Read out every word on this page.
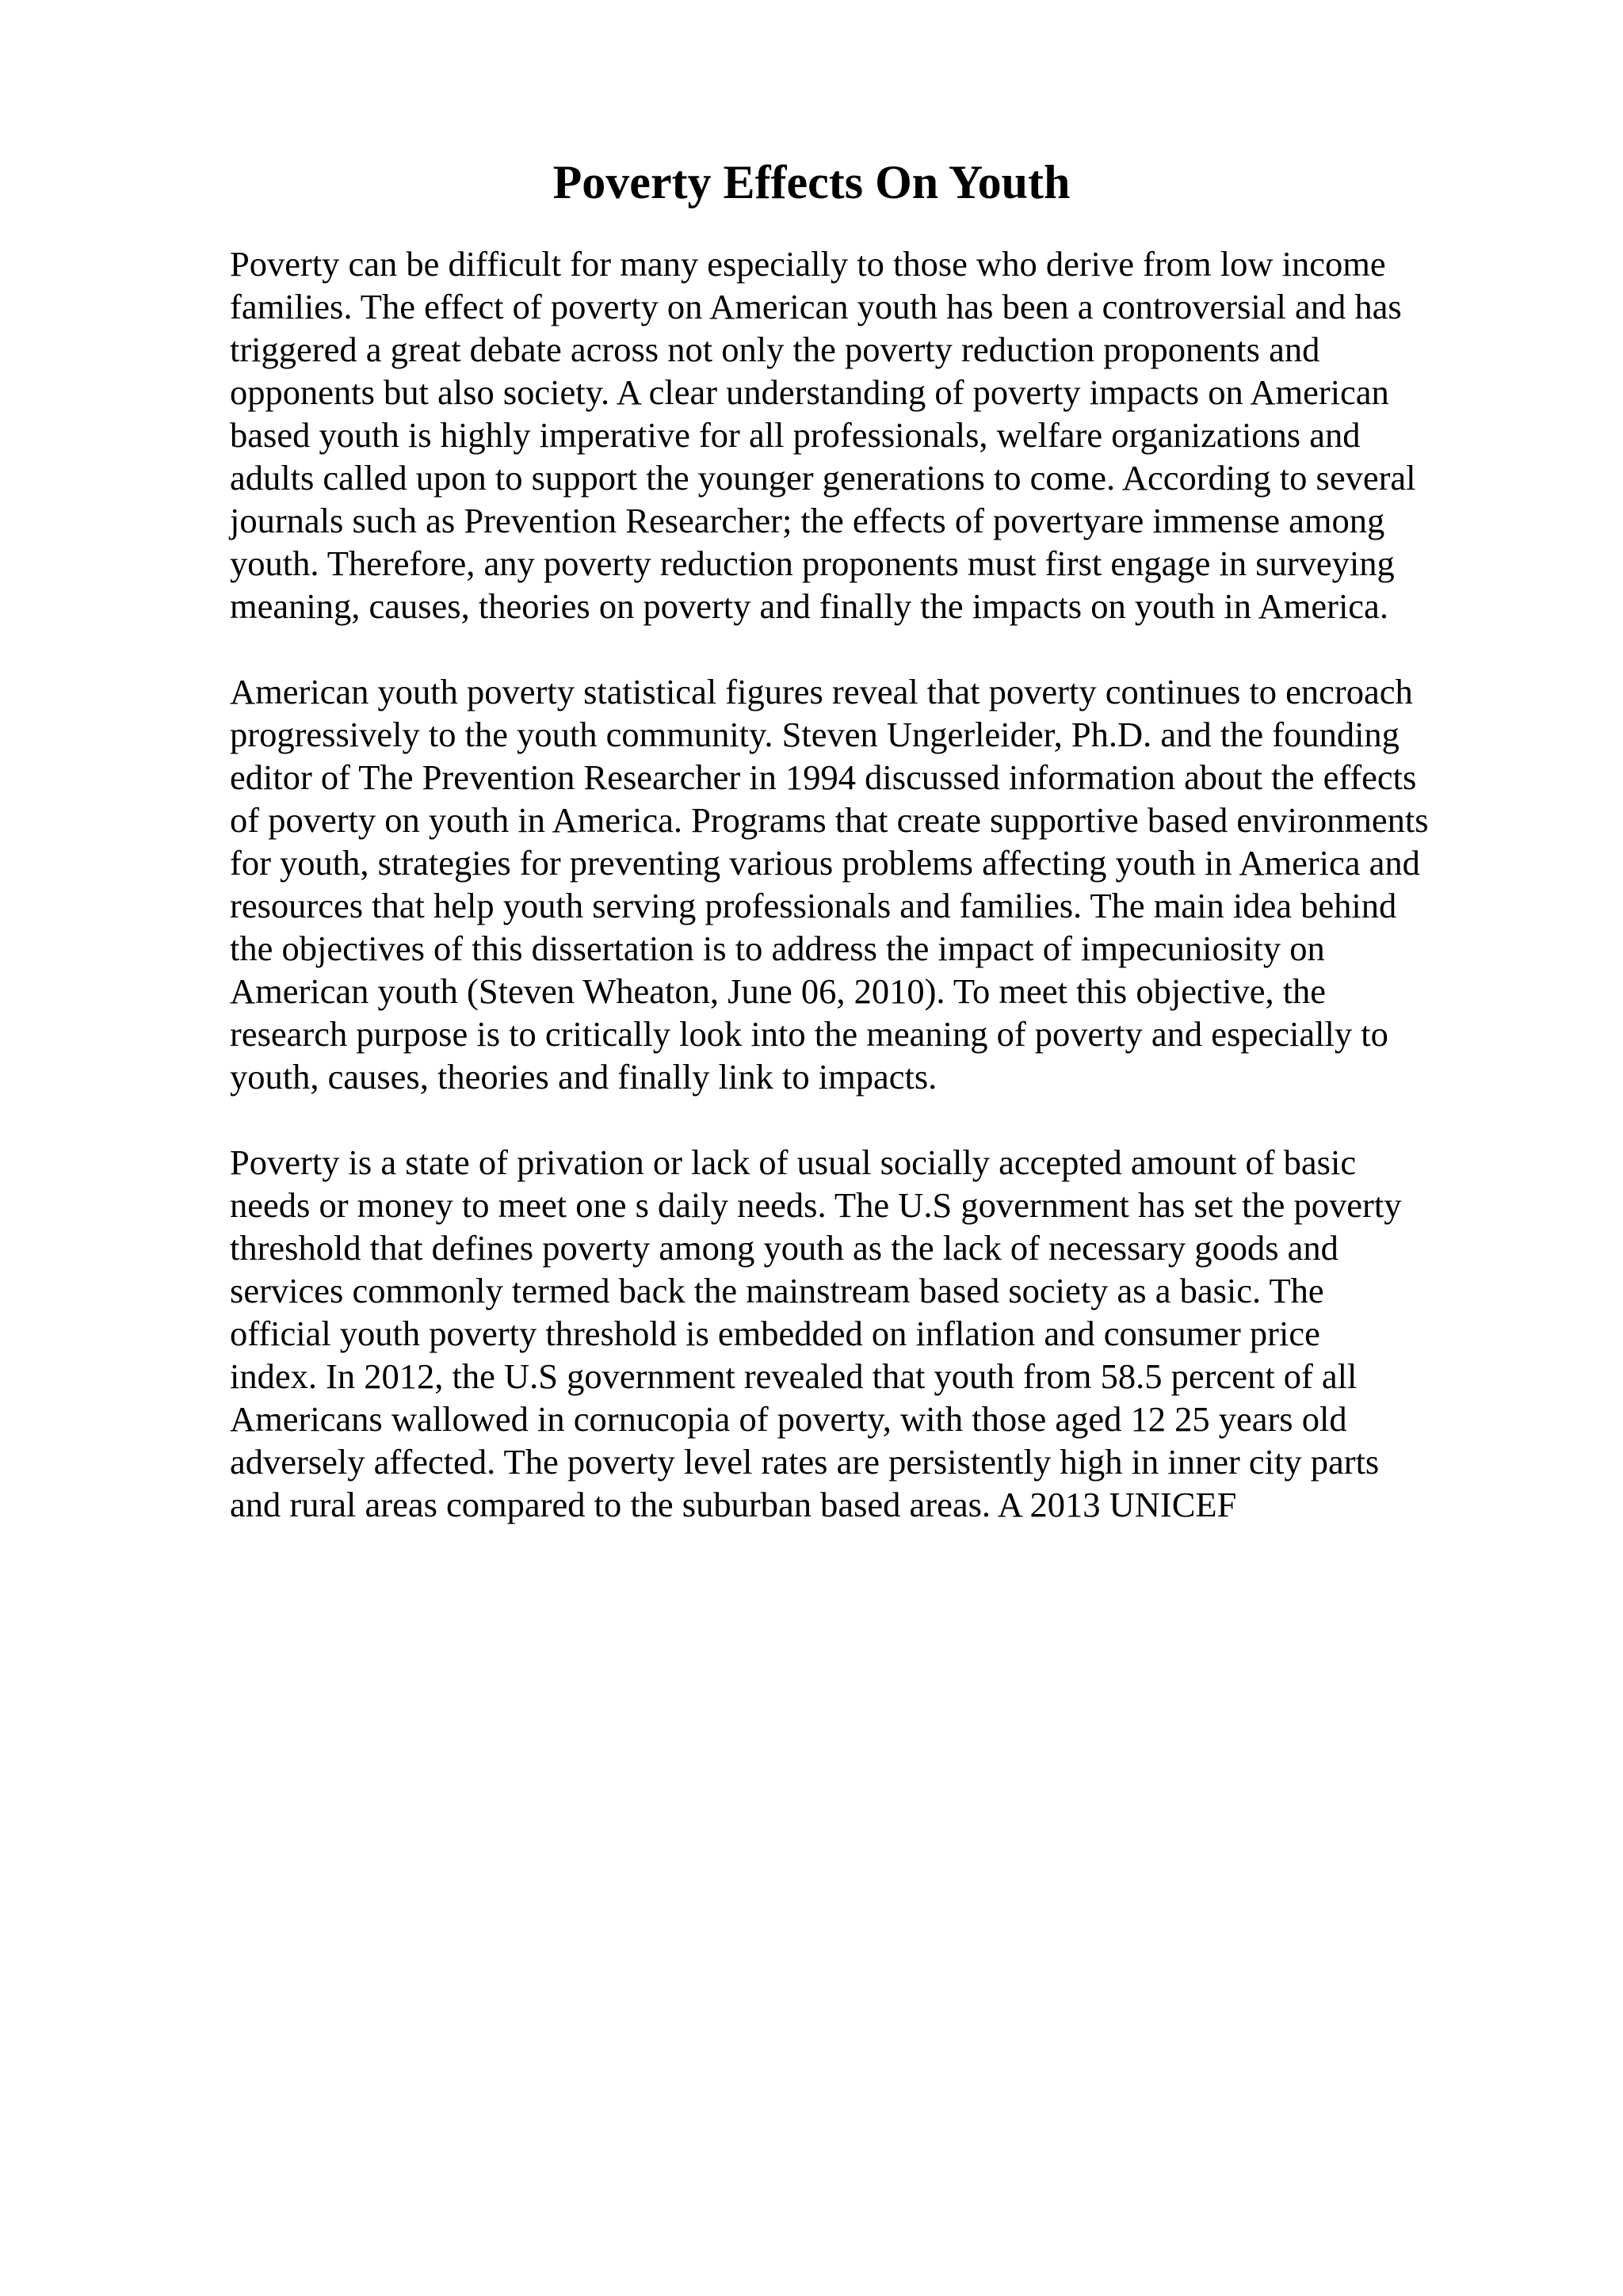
Poverty Effects On Youth
Poverty can be difficult for many especially to those who derive from low income
families. The effect of poverty on American youth has been a controversial and has
triggered a great debate across not only the poverty reduction proponents and
opponents but also society. A clear understanding of poverty impacts on American
based youth is highly imperative for all professionals, welfare organizations and
adults called upon to support the younger generations to come. According to several
journals such as Prevention Researcher; the effects of povertyare immense among
youth. Therefore, any poverty reduction proponents must first engage in surveying
meaning, causes, theories on poverty and finally the impacts on youth in America.
American youth poverty statistical figures reveal that poverty continues to encroach
progressively to the youth community. Steven Ungerleider, Ph.D. and the founding
editor of The Prevention Researcher in 1994 discussed information about the effects
of poverty on youth in America. Programs that create supportive based environments
for youth, strategies for preventing various problems affecting youth in America and
resources that help youth serving professionals and families. The main idea behind
the objectives of this dissertation is to address the impact of impecuniosity on
American youth (Steven Wheaton, June 06, 2010). To meet this objective, the
research purpose is to critically look into the meaning of poverty and especially to
youth, causes, theories and finally link to impacts.
Poverty is a state of privation or lack of usual socially accepted amount of basic
needs or money to meet one s daily needs. The U.S government has set the poverty
threshold that defines poverty among youth as the lack of necessary goods and
services commonly termed back the mainstream based society as a basic. The
official youth poverty threshold is embedded on inflation and consumer price
index. In 2012, the U.S government revealed that youth from 58.5 percent of all
Americans wallowed in cornucopia of poverty, with those aged 12 25 years old
adversely affected. The poverty level rates are persistently high in inner city parts
and rural areas compared to the suburban based areas. A 2013 UNICEF
